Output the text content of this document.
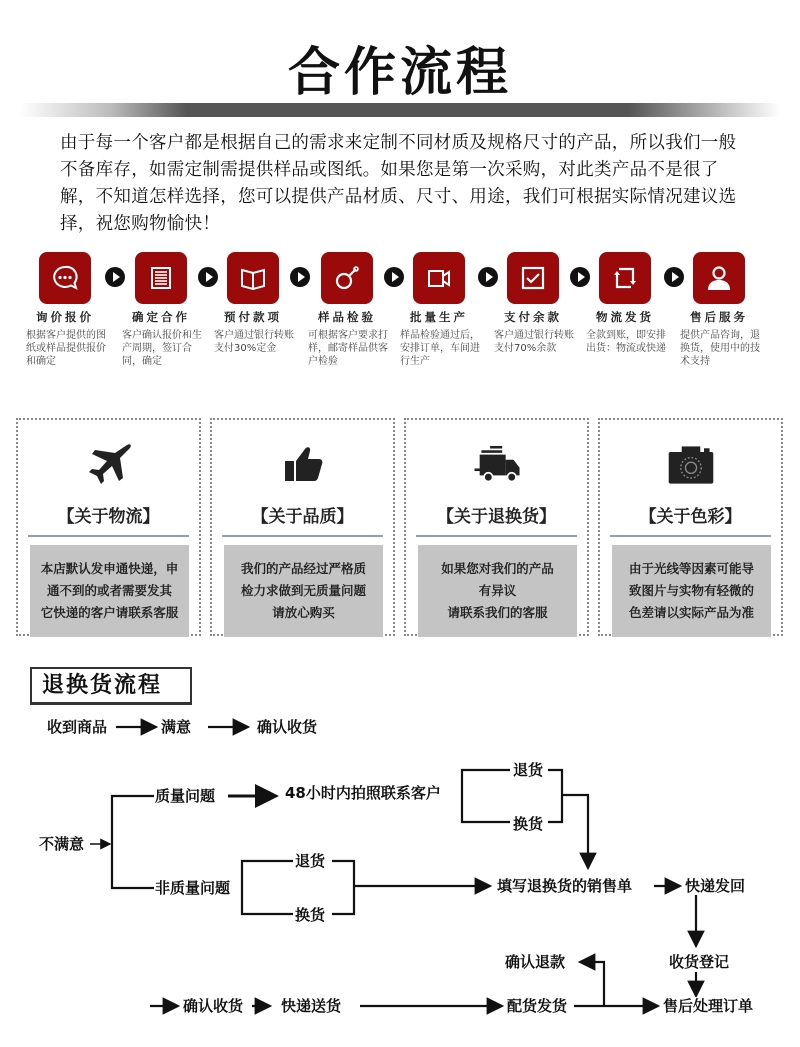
合作流程
由于每一个客户都是根据自己的需求来定制不同材质及规格尺寸的产品，所以我们一般不备库存，如需定制需提供样品或图纸。如果您是第一次采购，对此类产品不是很了解，不知道怎样选择，您可以提供产品材质、尺寸、用途，我们可根据实际情况建议选择，祝您购物愉快！
询价报价
根据客户提供的图纸或样品提供报价和确定
确定合作
客户确认报价和生产周期，签订合同，确定
预付款项
客户通过银行转账支付30%定金
样品检验
可根据客户要求打样，邮寄样品供客户检验
批量生产
样品检验通过后，安排订单，车间进行生产
支付余款
客户通过银行转账支付70%余款
物流发货
全款到账，即安排出货：物流或快递
售后服务
提供产品咨询，退换货，使用中的技术支持
【关于物流】
本店默认发申通快递，申
通不到的或者需要发其
它快递的客户请联系客服
【关于品质】
我们的产品经过严格质
检力求做到无质量问题
请放心购买
【关于退换货】
如果您对我们的产品
有异议
请联系我们的客服
【关于色彩】
由于光线等因素可能导
致图片与实物有轻微的
色差请以实际产品为准
退换货流程
收到商品	满意	确认收货
不满意
质量问题	48小时内拍照联系客户
退货
换货
非质量问题
退货
换货
填写退换货的销售单	快递发回
收货登记
确认退款
售后处理订单
配货发货
快递送货
确认收货
